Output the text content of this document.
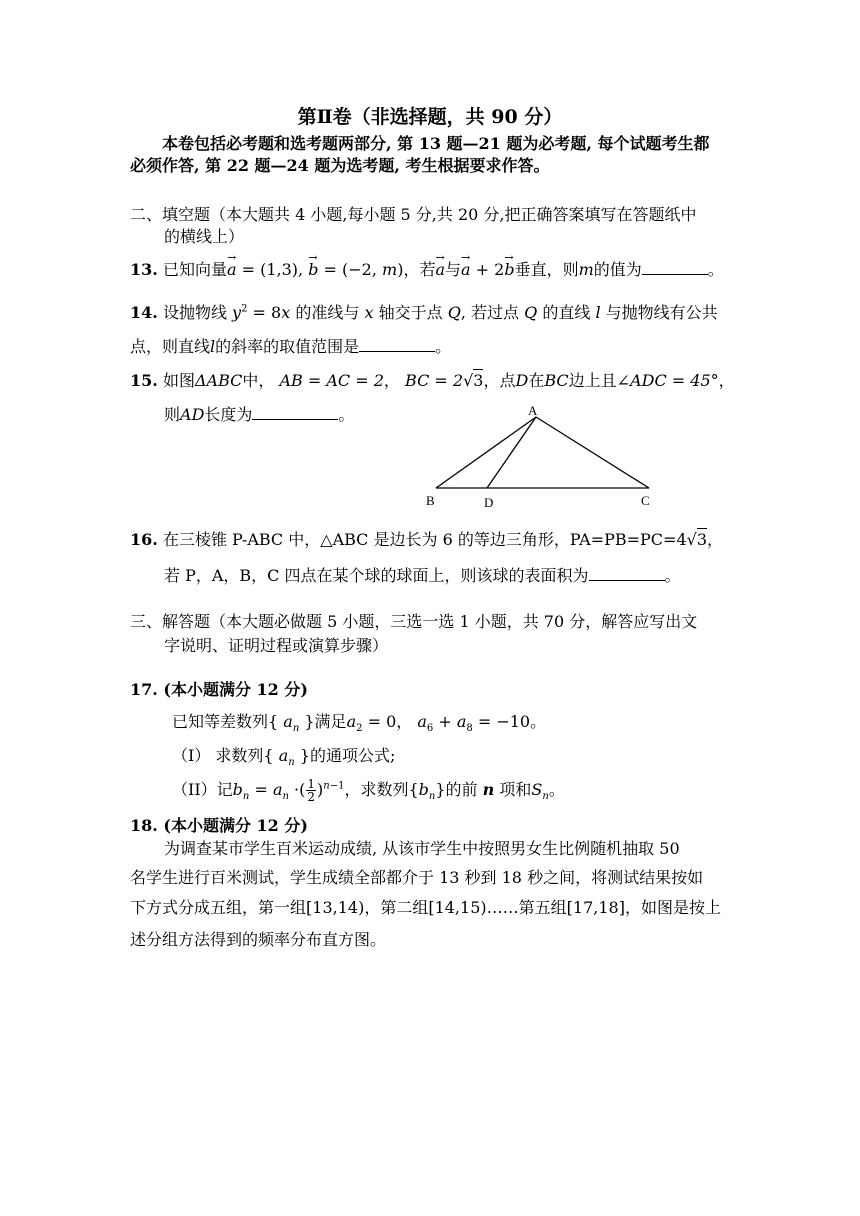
第Ⅱ卷（非选择题，共 90 分）
本卷包括必考题和选考题两部分, 第 13 题—21 题为必考题, 每个试题考生都
必须作答, 第 22 题—24 题为选考题, 考生根据要求作答。
二、填空题（本大题共 4 小题,每小题 5 分,共 20 分,把正确答案填写在答题纸中
的横线上）
13. 已知向量→ a = (1,3), → b = (−2, m)，若→ a与→ a + 2→ b垂直，则m的值为	。
14. 设抛物线 $y^2 = 8x$ 的准线与 x 轴交于点 Q, 若过点 Q 的直线 l 与抛物线有公共
点，则直线l的斜率的取值范围是	。
15. 如图ΔABC中， AB = AC = 2， BC = 2√3，点D在BC边上且∠ADC = 45°，
则AD长度为	。	A
B	D	C
16. 在三棱锥 P-ABC 中，△ABC 是边长为 6 的等边三角形，PA=PB=PC=4√3，
若 P，A，B，C 四点在某个球的球面上，则该球的表面积为	。
三、解答题（本大题必做题 5 小题，三选一选 1 小题，共 70 分，解答应写出文
字说明、证明过程或演算步骤）
17. (本小题满分 12 分)
已知等差数列{ $a_n$ }满足$a_2 = 0$， $a_6 + a_8 = -10$。
（I） 求数列{ $a_n$ }的通项公式;
（II）记$b_n = a_n$ ·( $\frac{1}{2} )^{n-1}$，求数列$\{b_n\}$的前 n 项和$S_n$。
18. (本小题满分 12 分)
为调查某市学生百米运动成绩, 从该市学生中按照男女生比例随机抽取 50
名学生进行百米测试，学生成绩全部都介于 13 秒到 18 秒之间，将测试结果按如
下方式分成五组，第一组[13,14)，第二组[14,15)……第五组[17,18]，如图是按上
述分组方法得到的频率分布直方图。
